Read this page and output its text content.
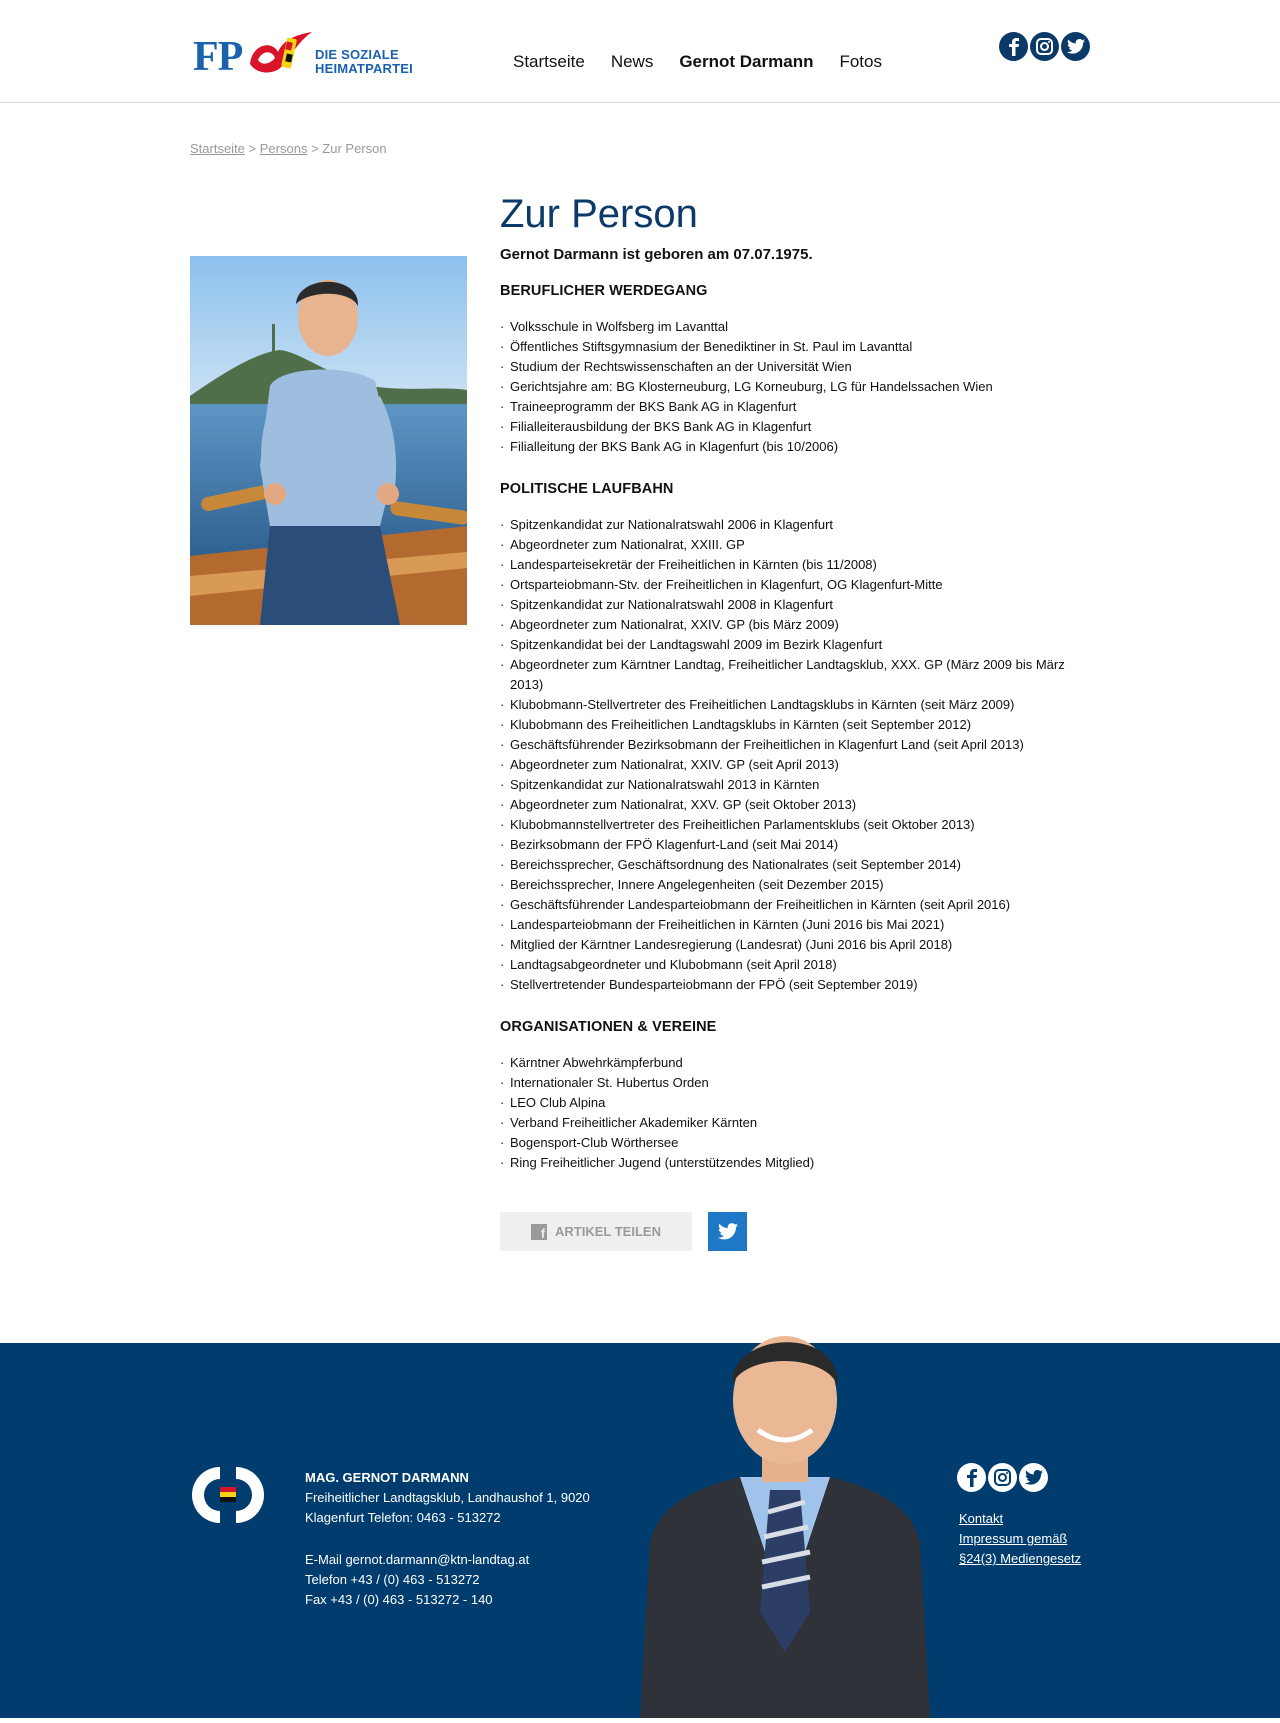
FP	DIE SOZIALE
HEIMATPARTEI	Startseite News Gernot Darmann Fotos
Startseite > Persons > Zur Person
Zur Person

Gernot Darmann ist geboren am 07.07.1975.

BERUFLICHER WERDEGANG
· Volksschule in Wolfsberg im Lavanttal
· Öffentliches Stiftsgymnasium der Benediktiner in St. Paul im Lavanttal
· Studium der Rechtswissenschaften an der Universität Wien
· Gerichtsjahre am: BG Klosterneuburg, LG Korneuburg, LG für Handelssachen Wien
· Traineeprogramm der BKS Bank AG in Klagenfurt
· Filialleiterausbildung der BKS Bank AG in Klagenfurt
· Filialleitung der BKS Bank AG in Klagenfurt (bis 10/2006)
POLITISCHE LAUFBAHN
· Spitzenkandidat zur Nationalratswahl 2006 in Klagenfurt
· Abgeordneter zum Nationalrat, XXIII. GP
· Landesparteisekretär der Freiheitlichen in Kärnten (bis 11/2008)
· Ortsparteiobmann-Stv. der Freiheitlichen in Klagenfurt, OG Klagenfurt-Mitte
· Spitzenkandidat zur Nationalratswahl 2008 in Klagenfurt
· Abgeordneter zum Nationalrat, XXIV. GP (bis März 2009)
· Spitzenkandidat bei der Landtagswahl 2009 im Bezirk Klagenfurt
· Abgeordneter zum Kärntner Landtag, Freiheitlicher Landtagsklub, XXX. GP (März 2009 bis März 2013)
· Klubobmann-Stellvertreter des Freiheitlichen Landtagsklubs in Kärnten (seit März 2009)
· Klubobmann des Freiheitlichen Landtagsklubs in Kärnten (seit September 2012)
· Geschäftsführender Bezirksobmann der Freiheitlichen in Klagenfurt Land (seit April 2013)
· Abgeordneter zum Nationalrat, XXIV. GP (seit April 2013)
· Spitzenkandidat zur Nationalratswahl 2013 in Kärnten
· Abgeordneter zum Nationalrat, XXV. GP (seit Oktober 2013)
· Klubobmannstellvertreter des Freiheitlichen Parlamentsklubs (seit Oktober 2013)
· Bezirksobmann der FPÖ Klagenfurt-Land (seit Mai 2014)
· Bereichssprecher, Geschäftsordnung des Nationalrates (seit September 2014)
· Bereichssprecher, Innere Angelegenheiten (seit Dezember 2015)
· Geschäftsführender Landesparteiobmann der Freiheitlichen in Kärnten (seit April 2016)
· Landesparteiobmann der Freiheitlichen in Kärnten (Juni 2016 bis Mai 2021)
· Mitglied der Kärntner Landesregierung (Landesrat) (Juni 2016 bis April 2018)
· Landtagsabgeordneter und Klubobmann (seit April 2018)
· Stellvertretender Bundesparteiobmann der FPÖ (seit September 2019)
ORGANISATIONEN & VEREINE
· Kärntner Abwehrkämpferbund
· Internationaler St. Hubertus Orden
· LEO Club Alpina
· Verband Freiheitlicher Akademiker Kärnten
· Bogensport-Club Wörthersee
· Ring Freiheitlicher Jugend (unterstützendes Mitglied)
f ARTIKEL TEILEN
MAG. GERNOT DARMANN
Freiheitlicher Landtagsklub, Landhaushof 1, 9020
Klagenfurt Telefon: 0463 - 513272
E-Mail gernot.darmann@ktn-landtag.at
Telefon +43 / (0) 463 - 513272
Fax +43 / (0) 463 - 513272 - 140
Kontakt
Impressum gemäß
§24(3) Mediengesetz
